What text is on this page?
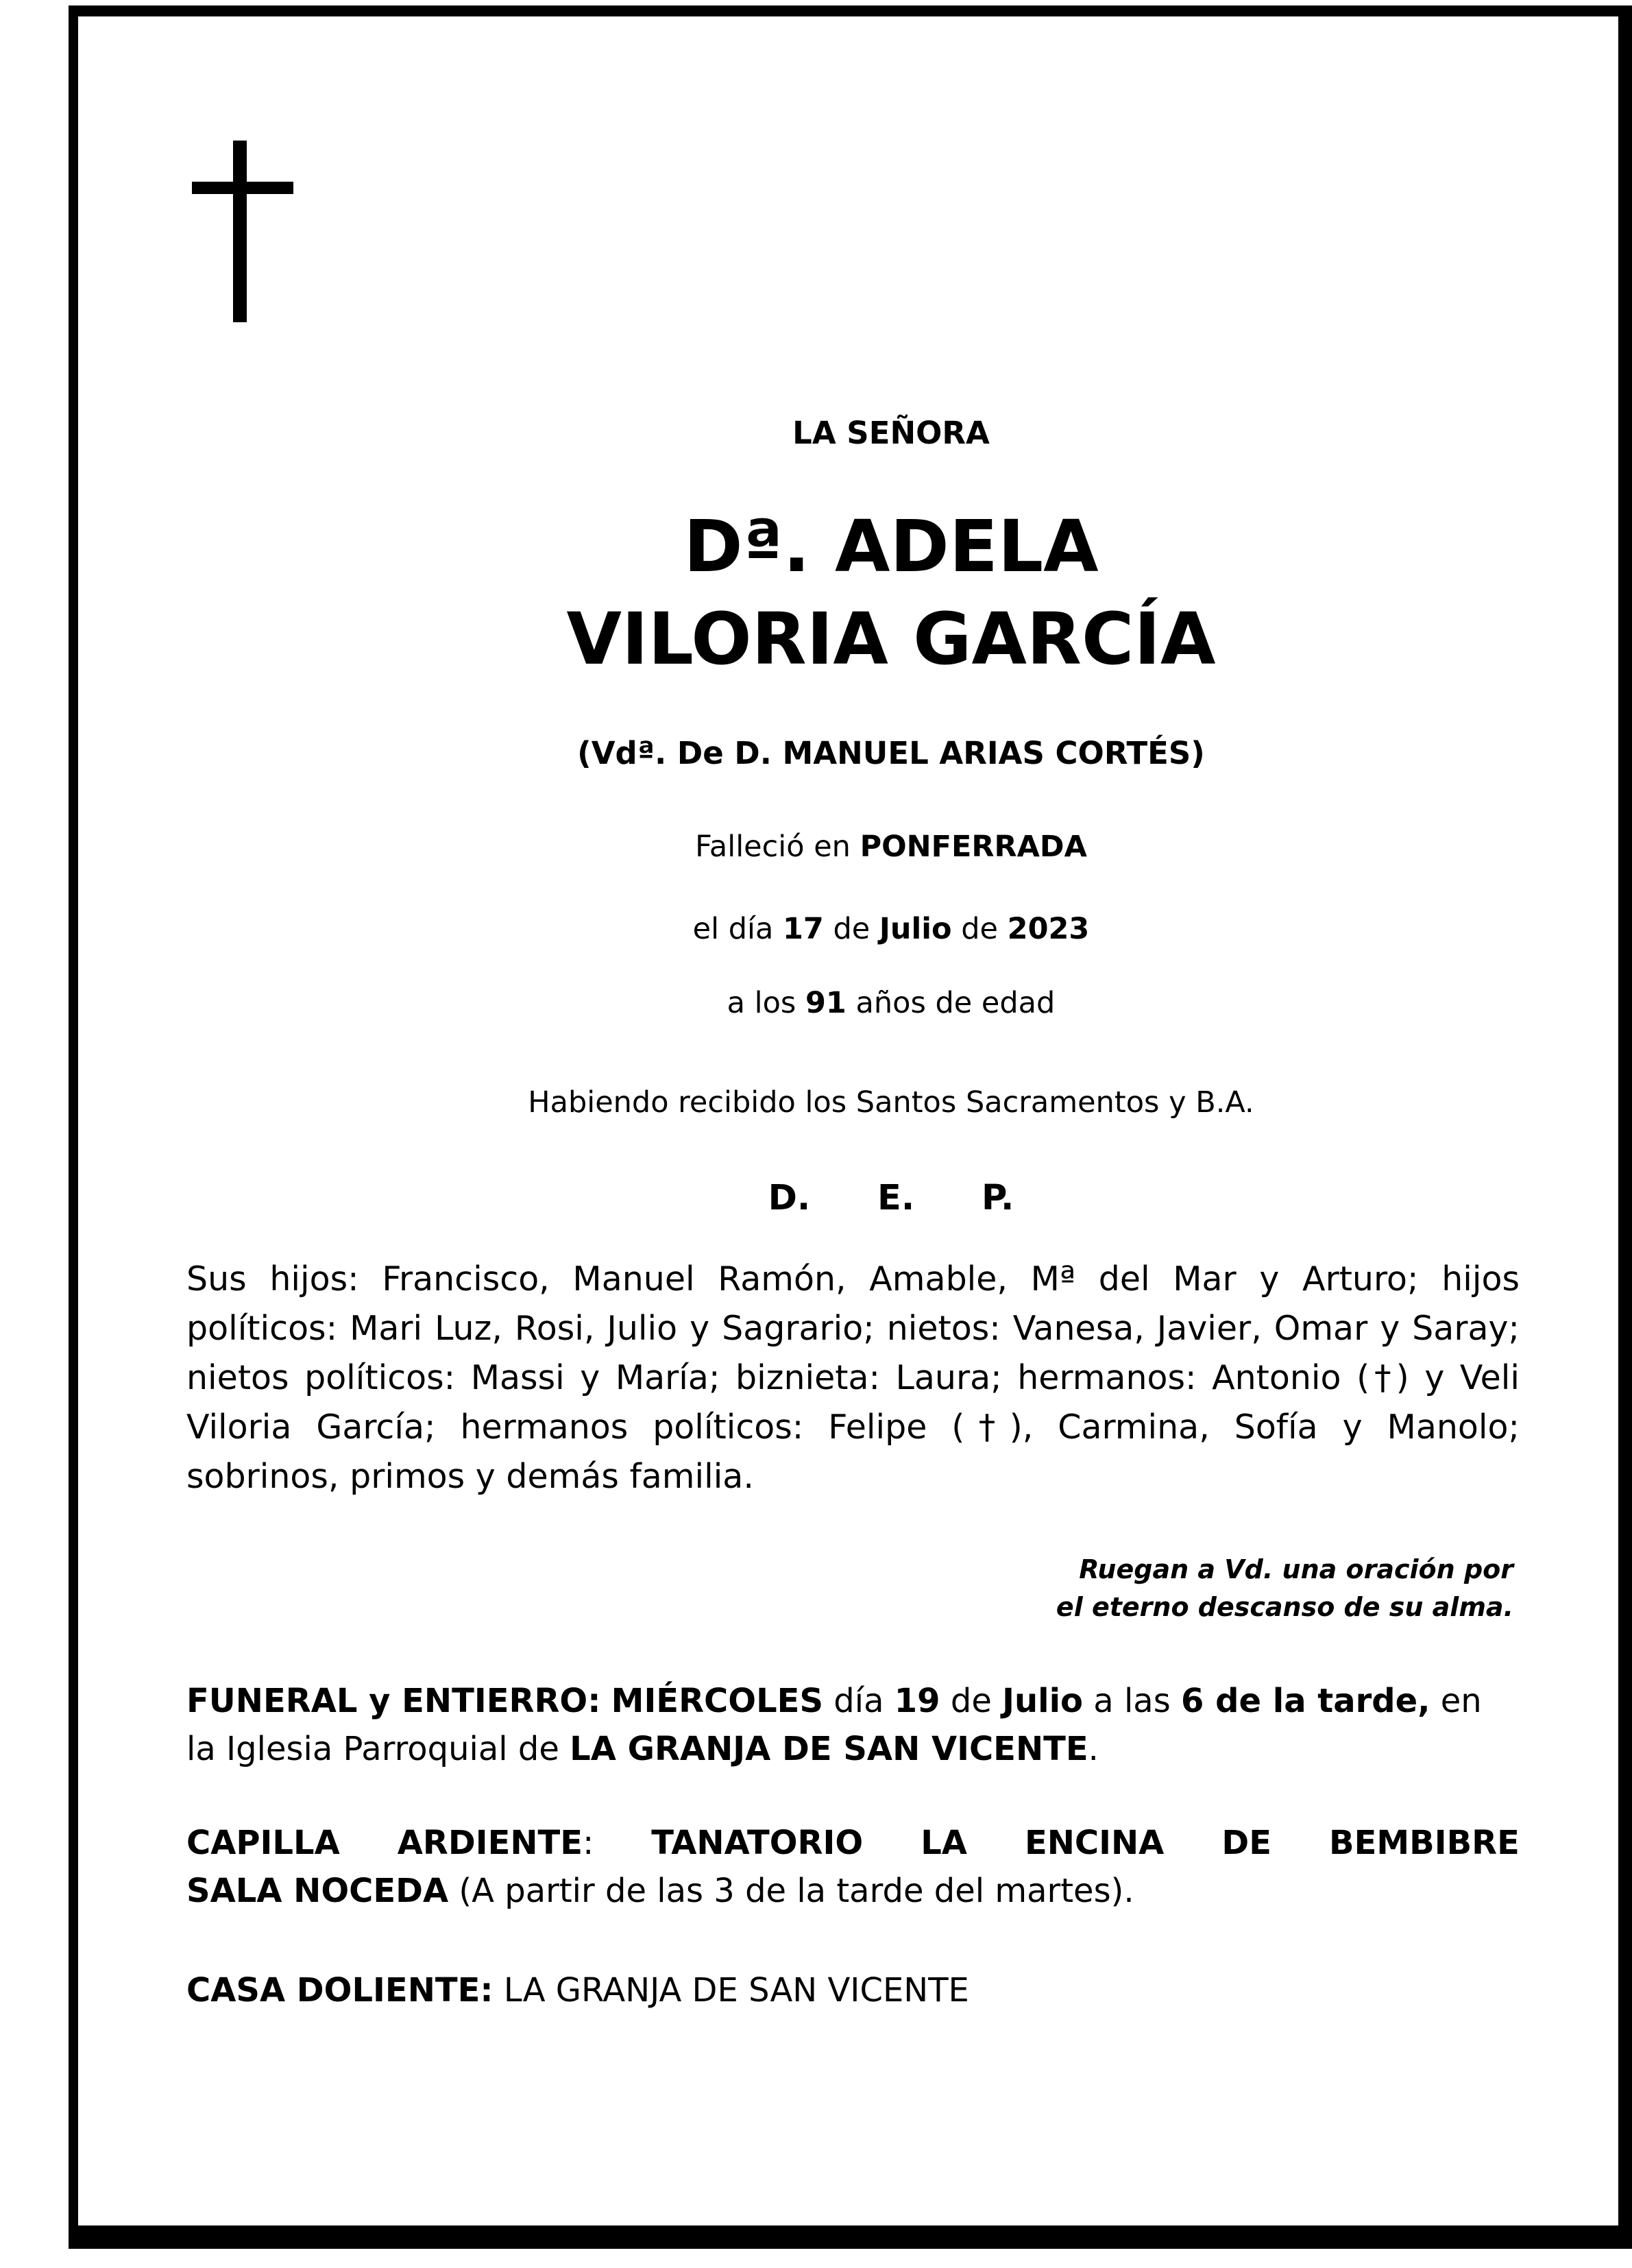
LA SEÑORA
Dª. ADELA
VILORIA GARCÍA
(Vdª. De D. MANUEL ARIAS CORTÉS)
Falleció en PONFERRADA
el día 17 de Julio de 2023
a los 91 años de edad
Habiendo recibido los Santos Sacramentos y B.A.
D. E. P.
Sus hijos: Francisco, Manuel Ramón, Amable, Mª del Mar y Arturo; hijos políticos: Mari Luz, Rosi, Julio y Sagrario; nietos: Vanesa, Javier, Omar y Saray; nietos políticos: Massi y María; biznieta: Laura; hermanos: Antonio (†) y Veli Viloria García; hermanos políticos: Felipe (†), Carmina, Sofía y Manolo; sobrinos, primos y demás familia.
Ruegan a Vd. una oración por
el eterno descanso de su alma.
FUNERAL y ENTIERRO: MIÉRCOLES día 19 de Julio a las 6 de la tarde, en
la Iglesia Parroquial de LA GRANJA DE SAN VICENTE.
CAPILLA ARDIENTE: TANATORIO LA ENCINA DE BEMBIBRE
SALA NOCEDA (A partir de las 3 de la tarde del martes).
CASA DOLIENTE: LA GRANJA DE SAN VICENTE
